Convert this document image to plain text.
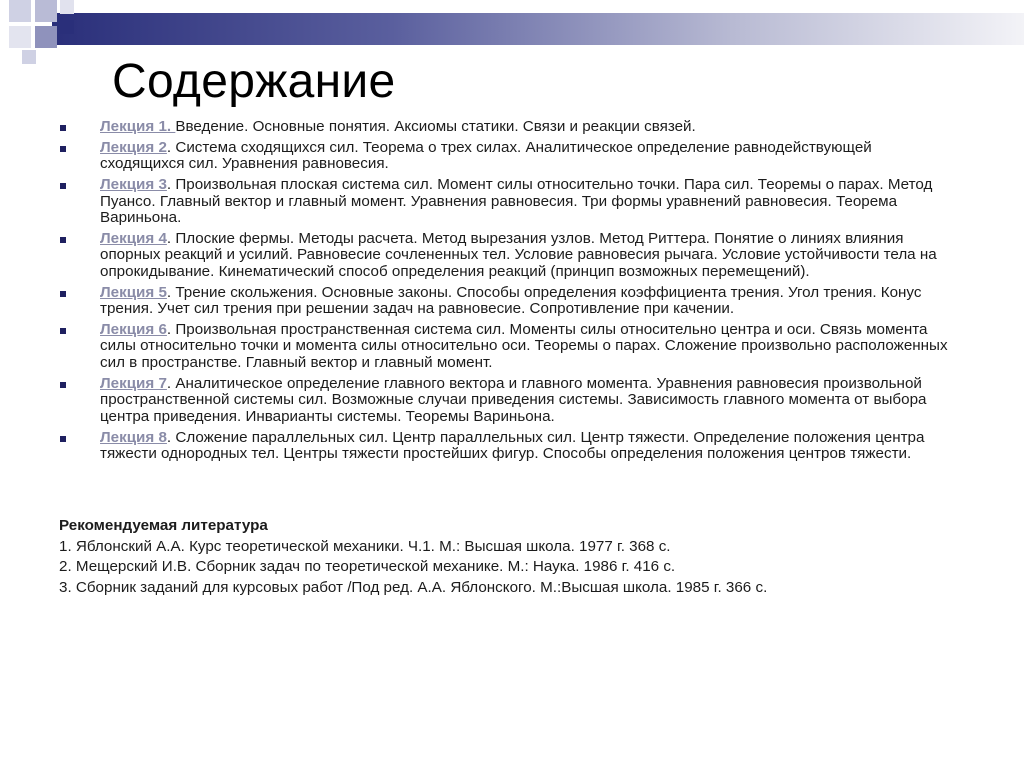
Содержание
Лекция 1. Введение. Основные понятия. Аксиомы статики. Связи и реакции связей.
Лекция 2. Система сходящихся сил. Теорема о трех силах. Аналитическое определение равнодействующей сходящихся сил. Уравнения равновесия.
Лекция 3. Произвольная плоская система сил. Момент силы относительно точки. Пара сил. Теоремы о парах. Метод Пуансо. Главный вектор и главный момент. Уравнения равновесия. Три формы уравнений равновесия. Теорема Вариньона.
Лекция 4. Плоские фермы. Методы расчета. Метод вырезания узлов. Метод Риттера. Понятие о линиях влияния опорных реакций и усилий. Равновесие сочлененных тел. Условие равновесия рычага. Условие устойчивости тела на опрокидывание. Кинематический способ определения реакций (принцип возможных перемещений).
Лекция 5. Трение скольжения. Основные законы. Способы определения коэффициента трения. Угол трения. Конус трения. Учет сил трения при решении задач на равновесие. Сопротивление при качении.
Лекция 6. Произвольная пространственная система сил. Моменты силы относительно центра и оси. Связь момента силы относительно точки и момента силы относительно оси. Теоремы о парах. Сложение произвольно расположенных сил в пространстве. Главный вектор и главный момент.
Лекция 7. Аналитическое определение главного вектора и главного момента. Уравнения равновесия произвольной пространственной системы сил. Возможные случаи приведения системы. Зависимость главного момента от выбора центра приведения. Инварианты системы. Теоремы Вариньона.
Лекция 8. Сложение параллельных сил. Центр параллельных сил. Центр тяжести. Определение положения центра тяжести однородных тел. Центры тяжести простейших фигур. Способы определения положения центров тяжести.
Рекомендуемая литература

1. Яблонский А.А. Курс теоретической механики. Ч.1. М.: Высшая школа. 1977 г. 368 с.

2. Мещерский И.В. Сборник задач по теоретической механике. М.: Наука. 1986 г. 416 с.

3. Сборник заданий для курсовых работ /Под ред. А.А. Яблонского. М.:Высшая школа. 1985 г. 366 с.
